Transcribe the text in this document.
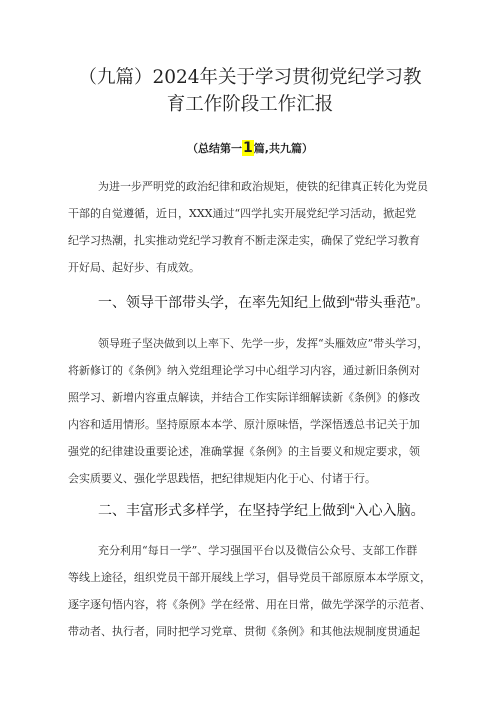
（九篇）2024年关于学习贯彻党纪学习教
育工作阶段工作汇报
（总结第一1篇,共九篇）
为进一步严明党的政治纪律和政治规矩，使铁的纪律真正转化为党员
干部的自觉遵循，近日，XXX通过“四学扎实开展党纪学习活动，掀起党
纪学习热潮，扎实推动党纪学习教育不断走深走实，确保了党纪学习教育
开好局、起好步、有成效。
一、领导干部带头学，在率先知纪上做到“带头垂范”。
领导班子坚决做到以上率下、先学一步，发挥“头雁效应”带头学习，
将新修订的《条例》纳入党组理论学习中心组学习内容，通过新旧条例对
照学习、新增内容重点解读，并结合工作实际详细解读新《条例》的修改
内容和适用情形。坚持原原本本学、原汁原味悟，学深悟透总书记关于加
强党的纪律建设重要论述，准确掌握《条例》的主旨要义和规定要求，领
会实质要义、强化学思践悟，把纪律规矩内化于心、付诸于行。
二、丰富形式多样学，在坚持学纪上做到“入心入脑。
充分利用“每日一学”、学习强国平台以及微信公众号、支部工作群
等线上途径，组织党员干部开展线上学习，倡导党员干部原原本本学原文，
逐字逐句悟内容，将《条例》学在经常、用在日常，做先学深学的示范者、
带动者、执行者，同时把学习党章、贯彻《条例》和其他法规制度贯通起
